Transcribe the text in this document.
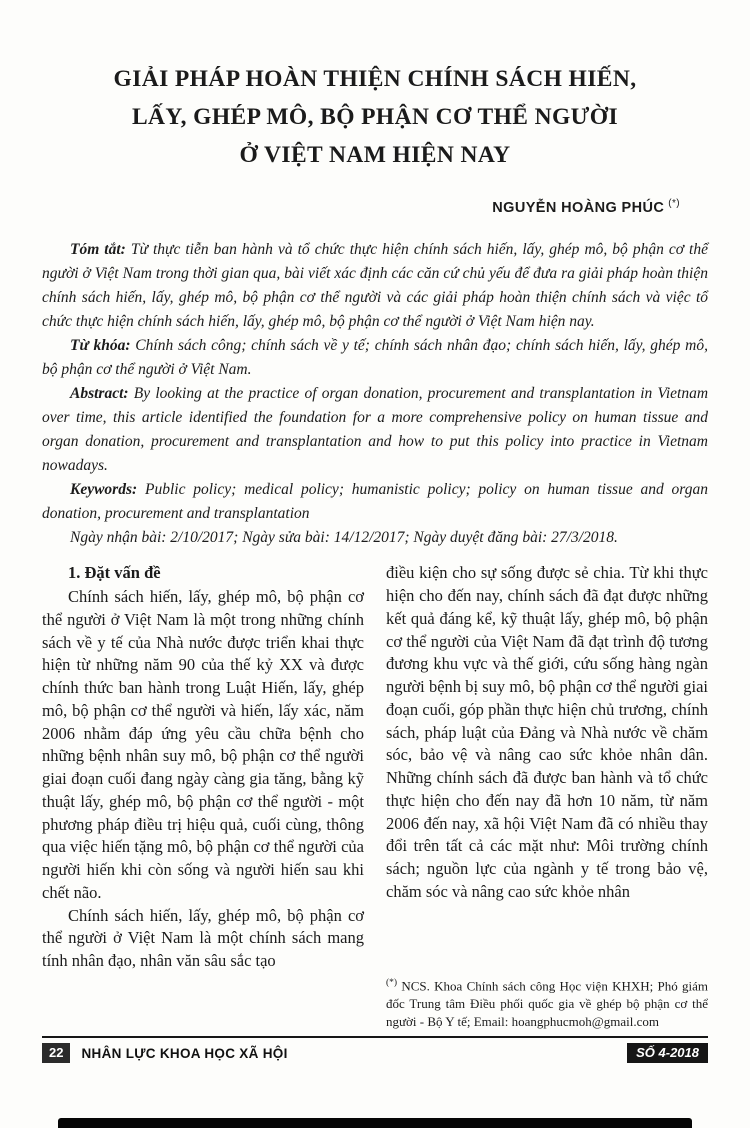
GIẢI PHÁP HOÀN THIỆN CHÍNH SÁCH HIẾN,
LẤY, GHÉP MÔ, BỘ PHẬN CƠ THỂ NGƯỜI
Ở VIỆT NAM HIỆN NAY
NGUYỄN HOÀNG PHÚC (*)

Tóm tắt: Từ thực tiễn ban hành và tổ chức thực hiện chính sách hiến, lấy, ghép mô, bộ phận cơ thể người ở Việt Nam trong thời gian qua, bài viết xác định các căn cứ chủ yếu để đưa ra giải pháp hoàn thiện chính sách hiến, lấy, ghép mô, bộ phận cơ thể người và các giải pháp hoàn thiện chính sách và việc tổ chức thực hiện chính sách hiến, lấy, ghép mô, bộ phận cơ thể người ở Việt Nam hiện nay.

Từ khóa: Chính sách công; chính sách về y tế; chính sách nhân đạo; chính sách hiến, lấy, ghép mô, bộ phận cơ thể người ở Việt Nam.

Abstract: By looking at the practice of organ donation, procurement and transplantation in Vietnam over time, this article identified the foundation for a more comprehensive policy on human tissue and organ donation, procurement and transplantation and how to put this policy into practice in Vietnam nowadays.

Keywords: Public policy; medical policy; humanistic policy; policy on human tissue and organ donation, procurement and transplantation

Ngày nhận bài: 2/10/2017; Ngày sửa bài: 14/12/2017; Ngày duyệt đăng bài: 27/3/2018.

1. Đặt vấn đề

Chính sách hiến, lấy, ghép mô, bộ phận cơ thể người ở Việt Nam là một trong những chính sách về y tế của Nhà nước được triển khai thực hiện từ những năm 90 của thế kỷ XX và được chính thức ban hành trong Luật Hiến, lấy, ghép mô, bộ phận cơ thể người và hiến, lấy xác, năm 2006 nhằm đáp ứng yêu cầu chữa bệnh cho những bệnh nhân suy mô, bộ phận cơ thể người giai đoạn cuối đang ngày càng gia tăng, bằng kỹ thuật lấy, ghép mô, bộ phận cơ thể người - một phương pháp điều trị hiệu quả, cuối cùng, thông qua việc hiến tặng mô, bộ phận cơ thể người của người hiến khi còn sống và người hiến sau khi chết não.

Chính sách hiến, lấy, ghép mô, bộ phận cơ thể người ở Việt Nam là một chính sách mang tính nhân đạo, nhân văn sâu sắc tạo

điều kiện cho sự sống được sẻ chia. Từ khi thực hiện cho đến nay, chính sách đã đạt được những kết quả đáng kể, kỹ thuật lấy, ghép mô, bộ phận cơ thể người của Việt Nam đã đạt trình độ tương đương khu vực và thế giới, cứu sống hàng ngàn người bệnh bị suy mô, bộ phận cơ thể người giai đoạn cuối, góp phần thực hiện chủ trương, chính sách, pháp luật của Đảng và Nhà nước về chăm sóc, bảo vệ và nâng cao sức khỏe nhân dân. Những chính sách đã được ban hành và tổ chức thực hiện cho đến nay đã hơn 10 năm, từ năm 2006 đến nay, xã hội Việt Nam đã có nhiều thay đổi trên tất cả các mặt như: Môi trường chính sách; nguồn lực của ngành y tế trong bảo vệ, chăm sóc và nâng cao sức khỏe nhân

(*) NCS. Khoa Chính sách công Học viện KHXH; Phó giám đốc Trung tâm Điều phối quốc gia về ghép bộ phận cơ thể người - Bộ Y tế; Email: hoangphucmoh@gmail.com
22	NHÂN LỰC KHOA HỌC XÃ HỘI	SỐ 4-2018
